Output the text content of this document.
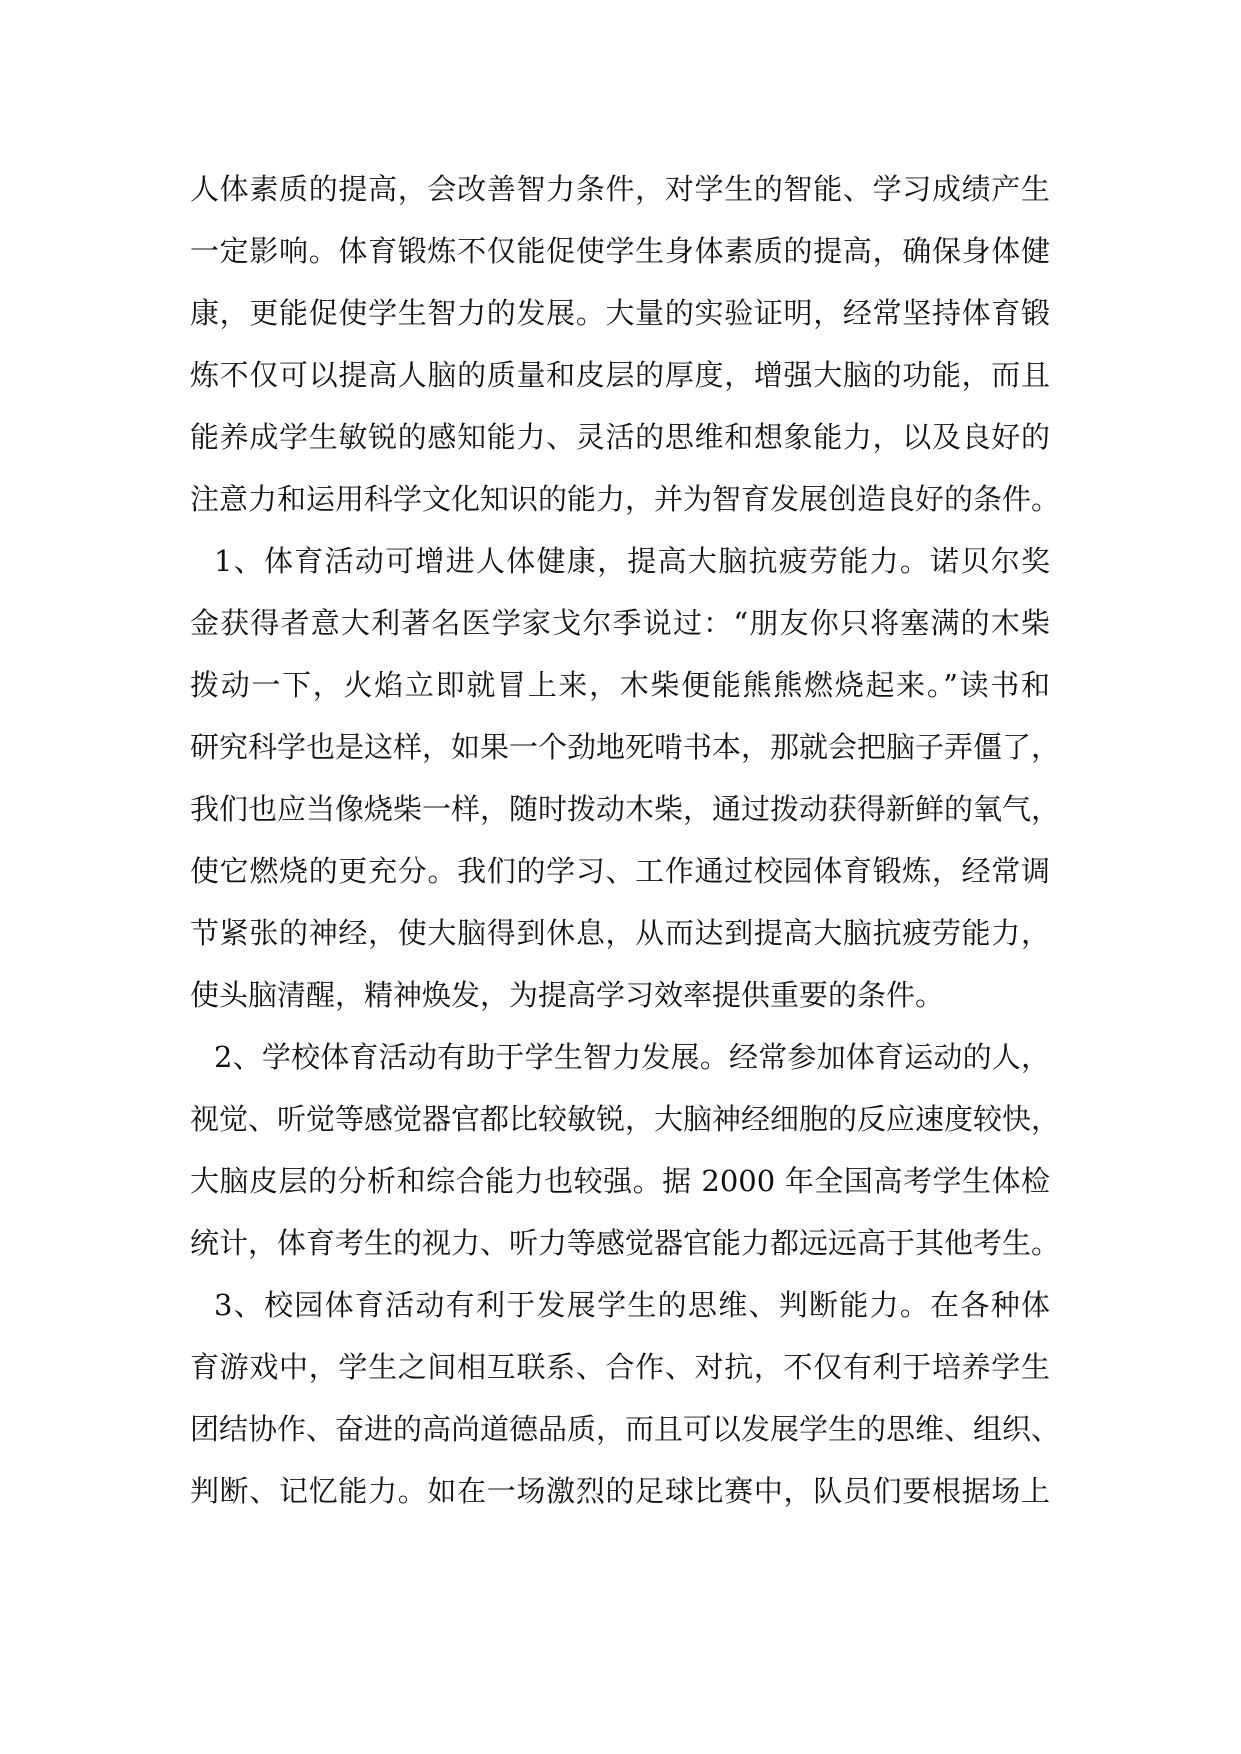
人体素质的提高，会改善智力条件，对学生的智能、学习成绩产生
一定影响。体育锻炼不仅能促使学生身体素质的提高，确保身体健
康，更能促使学生智力的发展。大量的实验证明，经常坚持体育锻
炼不仅可以提高人脑的质量和皮层的厚度，增强大脑的功能，而且
能养成学生敏锐的感知能力、灵活的思维和想象能力，以及良好的
注意力和运用科学文化知识的能力，并为智育发展创造良好的条件。
1、体育活动可增进人体健康，提高大脑抗疲劳能力。诺贝尔奖
金获得者意大利著名医学家戈尔季说过：“朋友你只将塞满的木柴
拨动一下，火焰立即就冒上来，木柴便能熊熊燃烧起来。”读书和
研究科学也是这样，如果一个劲地死啃书本，那就会把脑子弄僵了，
我们也应当像烧柴一样，随时拨动木柴，通过拨动获得新鲜的氧气，
使它燃烧的更充分。我们的学习、工作通过校园体育锻炼，经常调
节紧张的神经，使大脑得到休息，从而达到提高大脑抗疲劳能力，
使头脑清醒，精神焕发，为提高学习效率提供重要的条件。
2、学校体育活动有助于学生智力发展。经常参加体育运动的人，
视觉、听觉等感觉器官都比较敏锐，大脑神经细胞的反应速度较快，
大脑皮层的分析和综合能力也较强。据 2000 年全国高考学生体检
统计，体育考生的视力、听力等感觉器官能力都远远高于其他考生。
3、校园体育活动有利于发展学生的思维、判断能力。在各种体
育游戏中，学生之间相互联系、合作、对抗，不仅有利于培养学生
团结协作、奋进的高尚道德品质，而且可以发展学生的思维、组织、
判断、记忆能力。如在一场激烈的足球比赛中，队员们要根据场上
